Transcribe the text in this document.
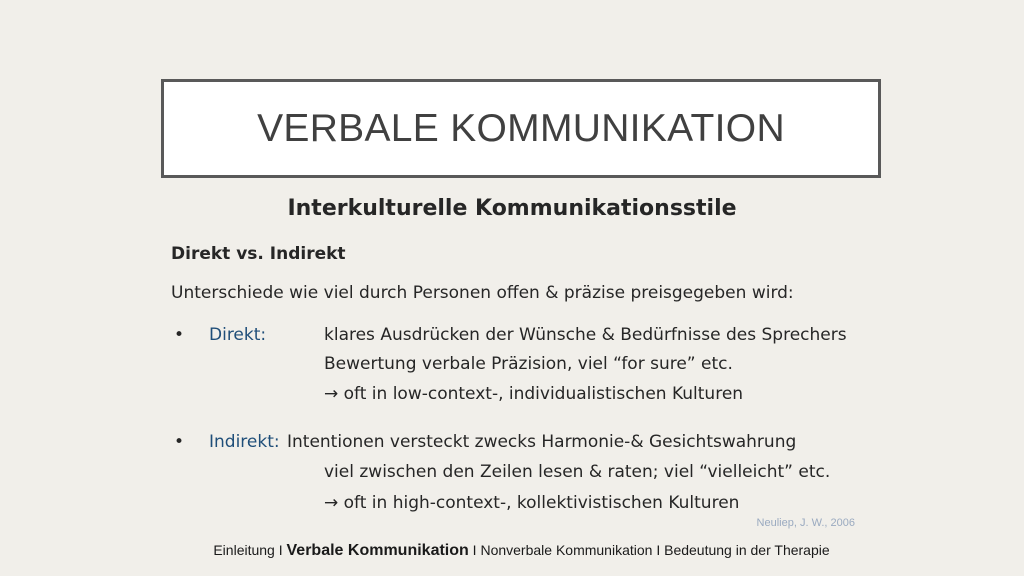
VERBALE KOMMUNIKATION
Interkulturelle Kommunikationsstile
Direkt vs. Indirekt
Unterschiede wie viel durch Personen offen & präzise preisgegeben wird:
• Direkt:	klares Ausdrücken der Wünsche & Bedürfnisse des Sprechers
Bewertung verbale Präzision, viel “for sure” etc.
→ oft in low-context-, individualistischen Kulturen
• Indirekt: Intentionen versteckt zwecks Harmonie-& Gesichtswahrung
viel zwischen den Zeilen lesen & raten; viel “vielleicht” etc.
→ oft in high-context-, kollektivistischen Kulturen
Neuliep, J. W., 2006
Einleitung I Verbale Kommunikation I Nonverbale Kommunikation I Bedeutung in der Therapie
